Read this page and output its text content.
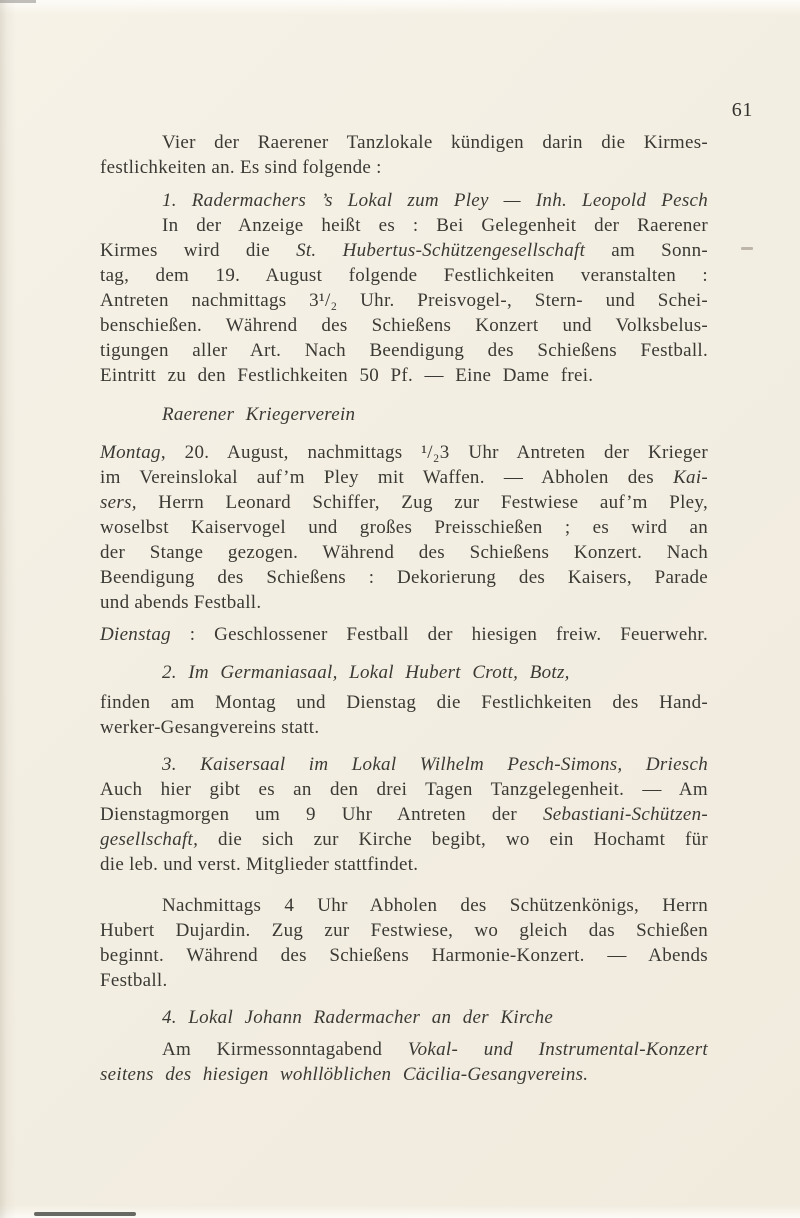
61
Vier der Raerener Tanzlokale kündigen darin die Kirmes-
festlichkeiten an. Es sind folgende :
1. Radermachers ’s Lokal zum Pley — Inh. Leopold Pesch
In der Anzeige heißt es : Bei Gelegenheit der Raerener
Kirmes wird die St. Hubertus-Schützengesellschaft am Sonn-
tag, dem 19. August folgende Festlichkeiten veranstalten :
Antreten nachmittags 3¹/₂ Uhr. Preisvogel-, Stern- und Schei-
benschießen. Während des Schießens Konzert und Volksbelus-
tigungen aller Art. Nach Beendigung des Schießens Festball.
Eintritt zu den Festlichkeiten 50 Pf. — Eine Dame frei.
Raerener Kriegerverein
Montag, 20. August, nachmittags ¹/₂3 Uhr Antreten der Krieger
im Vereinslokal auf’m Pley mit Waffen. — Abholen des Kai-
sers, Herrn Leonard Schiffer, Zug zur Festwiese auf’m Pley,
woselbst Kaiservogel und großes Preisschießen ; es wird an
der Stange gezogen. Während des Schießens Konzert. Nach
Beendigung des Schießens : Dekorierung des Kaisers, Parade
und abends Festball.
Dienstag : Geschlossener Festball der hiesigen freiw. Feuerwehr.
2. Im Germaniasaal, Lokal Hubert Crott, Botz,
finden am Montag und Dienstag die Festlichkeiten des Hand-
werker-Gesangvereins statt.
3. Kaisersaal im Lokal Wilhelm Pesch-Simons, Driesch
Auch hier gibt es an den drei Tagen Tanzgelegenheit. — Am
Dienstagmorgen um 9 Uhr Antreten der Sebastiani-Schützen-
gesellschaft, die sich zur Kirche begibt, wo ein Hochamt für
die leb. und verst. Mitglieder stattfindet.
Nachmittags 4 Uhr Abholen des Schützenkönigs, Herrn
Hubert Dujardin. Zug zur Festwiese, wo gleich das Schießen
beginnt. Während des Schießens Harmonie-Konzert. — Abends
Festball.
4. Lokal Johann Radermacher an der Kirche
Am Kirmessonntagabend Vokal- und Instrumental-Konzert
seitens des hiesigen wohllöblichen Cäcilia-Gesangvereins.
